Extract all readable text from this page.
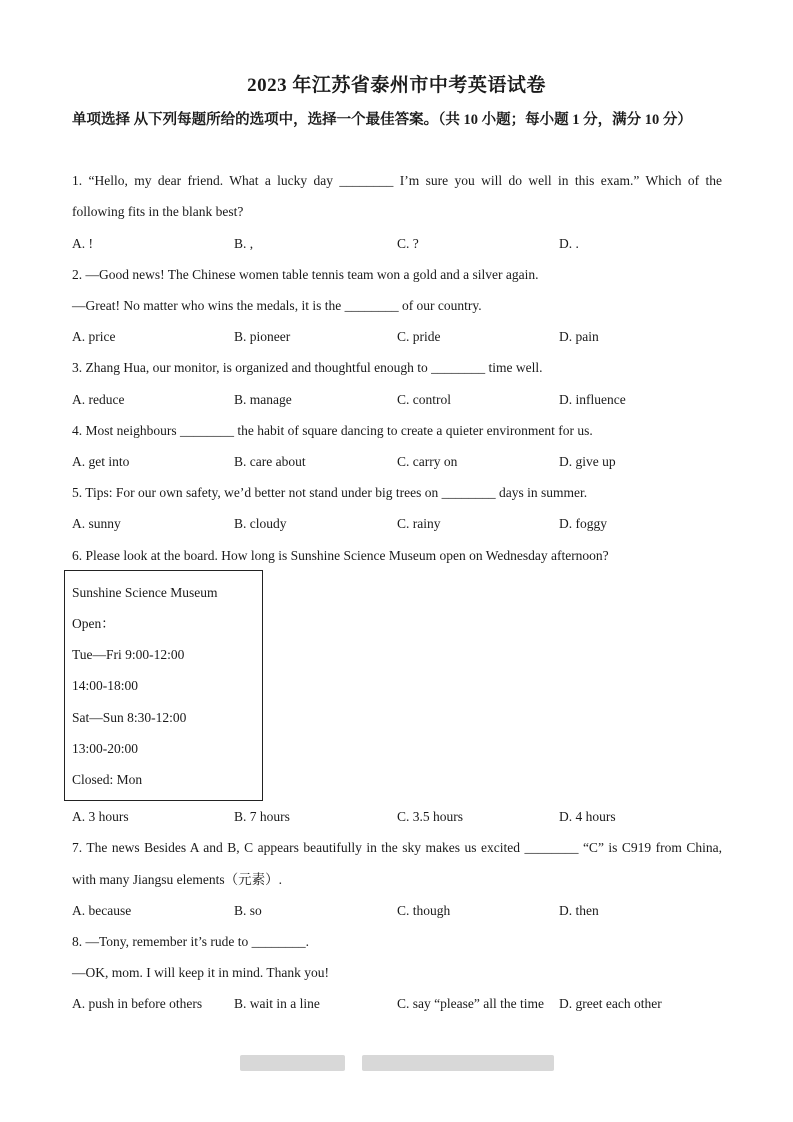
2023 年江苏省泰州市中考英语试卷
单项选择 从下列每题所给的选项中，选择一个最佳答案。（共 10 小题；每小题 1 分，满分 10 分）
1. “Hello, my dear friend. What a lucky day ________ I’m sure you will do well in this exam.” Which of the
following fits in the blank best?
A. !	B. ,	C. ?	D. .
2. —Good news! The Chinese women table tennis team won a gold and a silver again.
—Great! No matter who wins the medals, it is the ________ of our country.
A. price	B. pioneer	C. pride	D. pain
3. Zhang Hua, our monitor, is organized and thoughtful enough to ________ time well.
A. reduce	B. manage	C. control	D. influence
4. Most neighbours ________ the habit of square dancing to create a quieter environment for us.
A. get into	B. care about	C. carry on	D. give up
5. Tips: For our own safety, we’d better not stand under big trees on ________ days in summer.
A. sunny	B. cloudy	C. rainy	D. foggy
6. Please look at the board. How long is Sunshine Science Museum open on Wednesday afternoon?
Sunshine Science Museum
Open：
Tue—Fri 9:00-12:00
14:00-18:00
Sat—Sun 8:30-12:00
13:00-20:00
Closed: Mon
A. 3 hours	B. 7 hours	C. 3.5 hours	D. 4 hours
7. The news Besides A and B, C appears beautifully in the sky makes us excited ________ “C” is C919 from China,
with many Jiangsu elements（元素）.
A. because	B. so	C. though	D. then
8. —Tony, remember it’s rude to ________.
—OK, mom. I will keep it in mind. Thank you!
A. push in before others B. wait in a line	C. say “please” all the time D. greet each other
